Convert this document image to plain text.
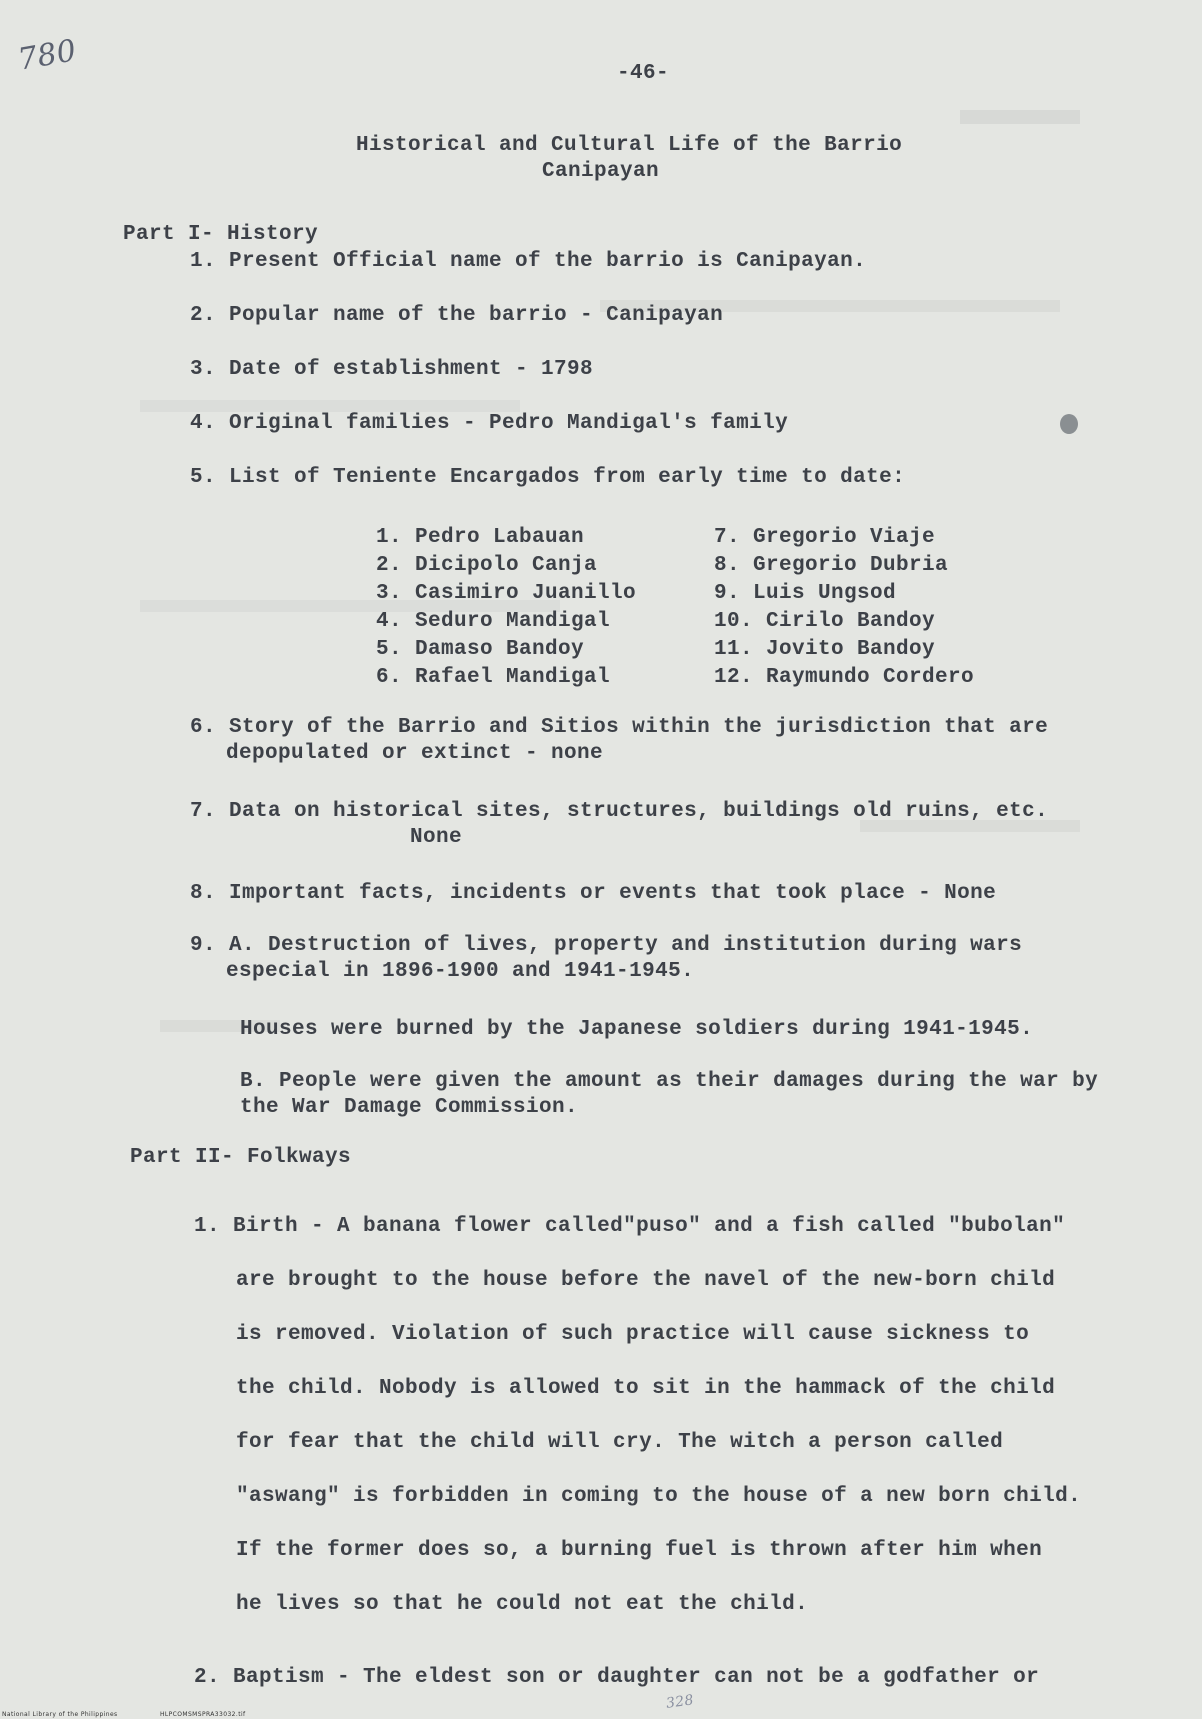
780	-46-
Historical and Cultural Life of the Barrio
Canipayan
Part I- History
1. Present Official name of the barrio is Canipayan.
2. Popular name of the barrio - Canipayan
3. Date of establishment - 1798
4. Original families - Pedro Mandigal's family
5. List of Teniente Encargados from early time to date:
1. Pedro Labauan
2. Dicipolo Canja
3. Casimiro Juanillo
4. Seduro Mandigal
5. Damaso Bandoy
6. Rafael Mandigal
7. Gregorio Viaje
8. Gregorio Dubria
9. Luis Ungsod
10. Cirilo Bandoy
11. Jovito Bandoy
12. Raymundo Cordero
6. Story of the Barrio and Sitios within the jurisdiction that are
depopulated or extinct - none
7. Data on historical sites, structures, buildings old ruins, etc.
None
8. Important facts, incidents or events that took place - None
9. A. Destruction of lives, property and institution during wars
especial in 1896-1900 and 1941-1945.
Houses were burned by the Japanese soldiers during 1941-1945.
B. People were given the amount as their damages during the war by
the War Damage Commission.
Part II- Folkways
1. Birth - A banana flower called"puso" and a fish called "bubolan"
are brought to the house before the navel of the new-born child
is removed. Violation of such practice will cause sickness to
the child. Nobody is allowed to sit in the hammack of the child
for fear that the child will cry. The witch a person called
"aswang" is forbidden in coming to the house of a new born child.
If the former does so, a burning fuel is thrown after him when
he lives so that he could not eat the child.
2. Baptism - The eldest son or daughter can not be a godfather or
328
National Library of the Philippines	HLPCOMSMSPRA33032.tif
